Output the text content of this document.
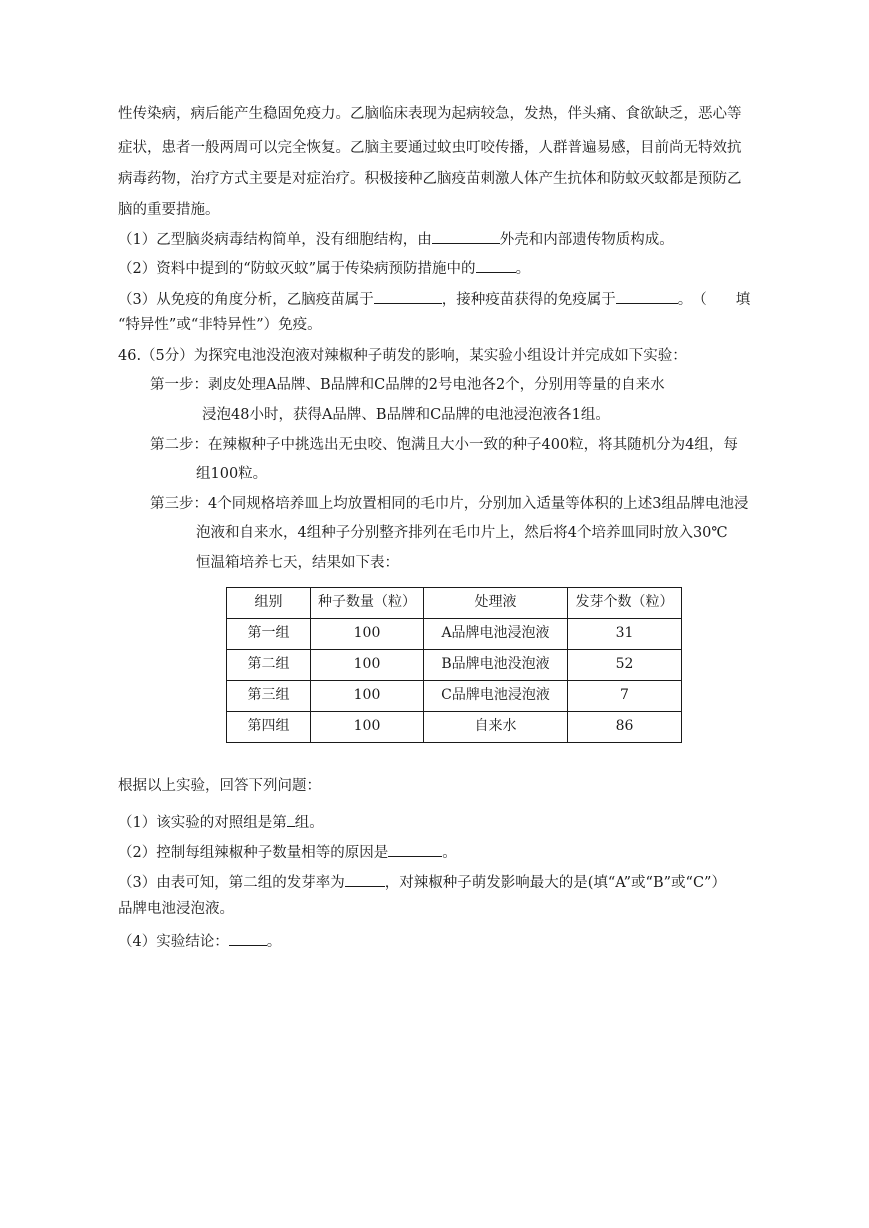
性传染病，病后能产生稳固免疫力。乙脑临床表现为起病较急，发热，伴头痛、食欲缺乏，恶心等
症状，患者一般两周可以完全恢复。乙脑主要通过蚊虫叮咬传播，人群普遍易感，目前尚无特效抗
病毒药物，治疗方式主要是对症治疗。积极接种乙脑疫苗刺激人体产生抗体和防蚊灭蚊都是预防乙
脑的重要措施。
（1）乙型脑炎病毒结构简单，没有细胞结构，由	外壳和内部遗传物质构成。
（2）资料中提到的“防蚊灭蚊”属于传染病预防措施中的	。
（3）从免疫的角度分析，乙脑疫苗属于	，接种疫苗获得的免疫属于	。　（　　填
“特异性”或“非特异性”）免疫。
46.（5分）为探究电池没泡液对辣椒种子萌发的影响，某实验小组设计并完成如下实验：
第一步：剥皮处理A品牌、B品牌和C品牌的2号电池各2个，分别用等量的自来水
浸泡48小时，获得A品牌、B品牌和C品牌的电池浸泡液各1组。
第二步：在辣椒种子中挑选出无虫咬、饱满且大小一致的种子400粒，将其随机分为4组，每
组100粒。
第三步：4个同规格培养皿上均放置相同的毛巾片，分别加入适量等体积的上述3组品牌电池浸
泡液和自来水，4组种子分别整齐排列在毛巾片上，然后将4个培养皿同时放入30℃
恒温箱培养七天，结果如下表：
组别	种子数量（粒）	处理液	发芽个数（粒）
第一组	100	A品牌电池浸泡液	31
第二组	100	B品牌电池没泡液	52
第三组	100	C品牌电池浸泡液	7
第四组	100	自来水	86
根据以上实验，回答下列问题：
（1）该实验的对照组是第 组。
（2）控制每组辣椒种子数量相等的原因是	。
（3）由表可知，第二组的发芽率为	，对辣椒种子萌发影响最大的是(填“A”或“B”或“C”）
品牌电池浸泡液。
（4）实验结论：	。
